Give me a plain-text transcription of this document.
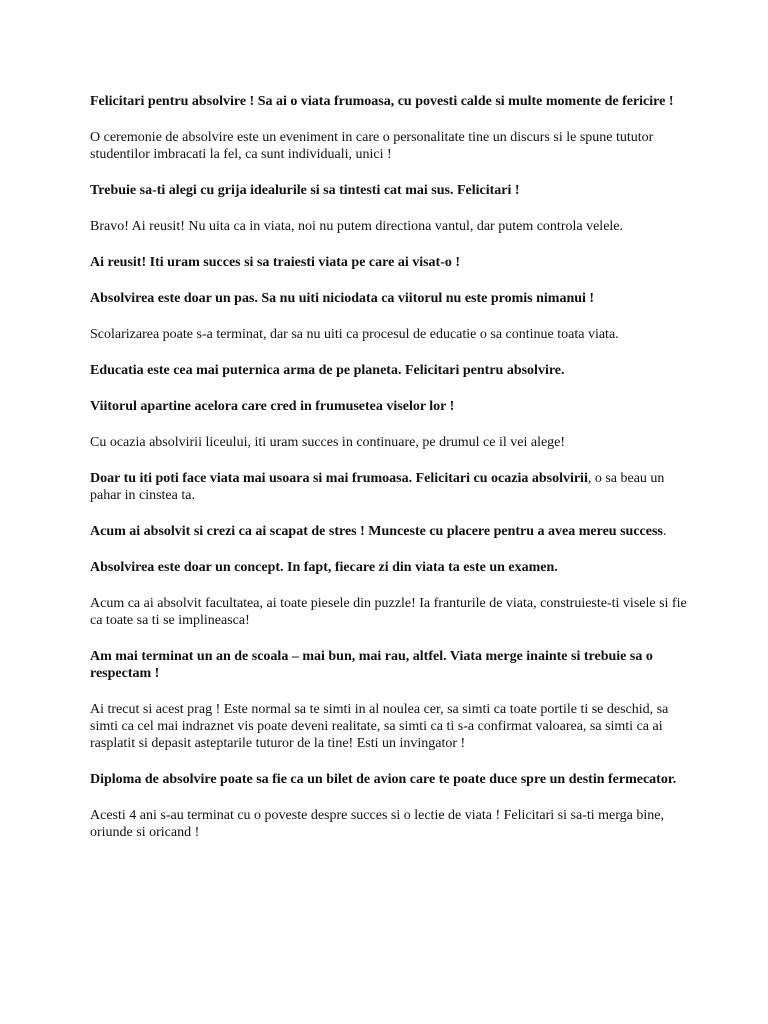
Felicitari pentru absolvire ! Sa ai o viata frumoasa, cu povesti calde si multe momente de fericire !

O ceremonie de absolvire este un eveniment in care o personalitate tine un discurs si le spune tututor studentilor imbracati la fel, ca sunt individuali, unici !

Trebuie sa-ti alegi cu grija idealurile si sa tintesti cat mai sus. Felicitari !

Bravo! Ai reusit! Nu uita ca in viata, noi nu putem directiona vantul, dar putem controla velele.

Ai reusit! Iti uram succes si sa traiesti viata pe care ai visat-o !

Absolvirea este doar un pas. Sa nu uiti niciodata ca viitorul nu este promis nimanui !

Scolarizarea poate s-a terminat, dar sa nu uiti ca procesul de educatie o sa continue toata viata.

Educatia este cea mai puternica arma de pe planeta. Felicitari pentru absolvire.

Viitorul apartine acelora care cred in frumusetea viselor lor !

Cu ocazia absolvirii liceului, iti uram succes in continuare, pe drumul ce il vei alege!

Doar tu iti poti face viata mai usoara si mai frumoasa. Felicitari cu ocazia absolvirii, o sa beau un pahar in cinstea ta.

Acum ai absolvit si crezi ca ai scapat de stres ! Munceste cu placere pentru a avea mereu success.

Absolvirea este doar un concept. In fapt, fiecare zi din viata ta este un examen.

Acum ca ai absolvit facultatea, ai toate piesele din puzzle! Ia franturile de viata, construieste-ti visele si fie ca toate sa ti se implineasca!

Am mai terminat un an de scoala – mai bun, mai rau, altfel. Viata merge inainte si trebuie sa o respectam !

Ai trecut si acest prag ! Este normal sa te simti in al noulea cer, sa simti ca toate portile ti se deschid, sa simti ca cel mai indraznet vis poate deveni realitate, sa simti ca ti s-a confirmat valoarea, sa simti ca ai rasplatit si depasit asteptarile tuturor de la tine! Esti un invingator !

Diploma de absolvire poate sa fie ca un bilet de avion care te poate duce spre un destin fermecator.

Acesti 4 ani s-au terminat cu o poveste despre succes si o lectie de viata ! Felicitari si sa-ti merga bine, oriunde si oricand !
